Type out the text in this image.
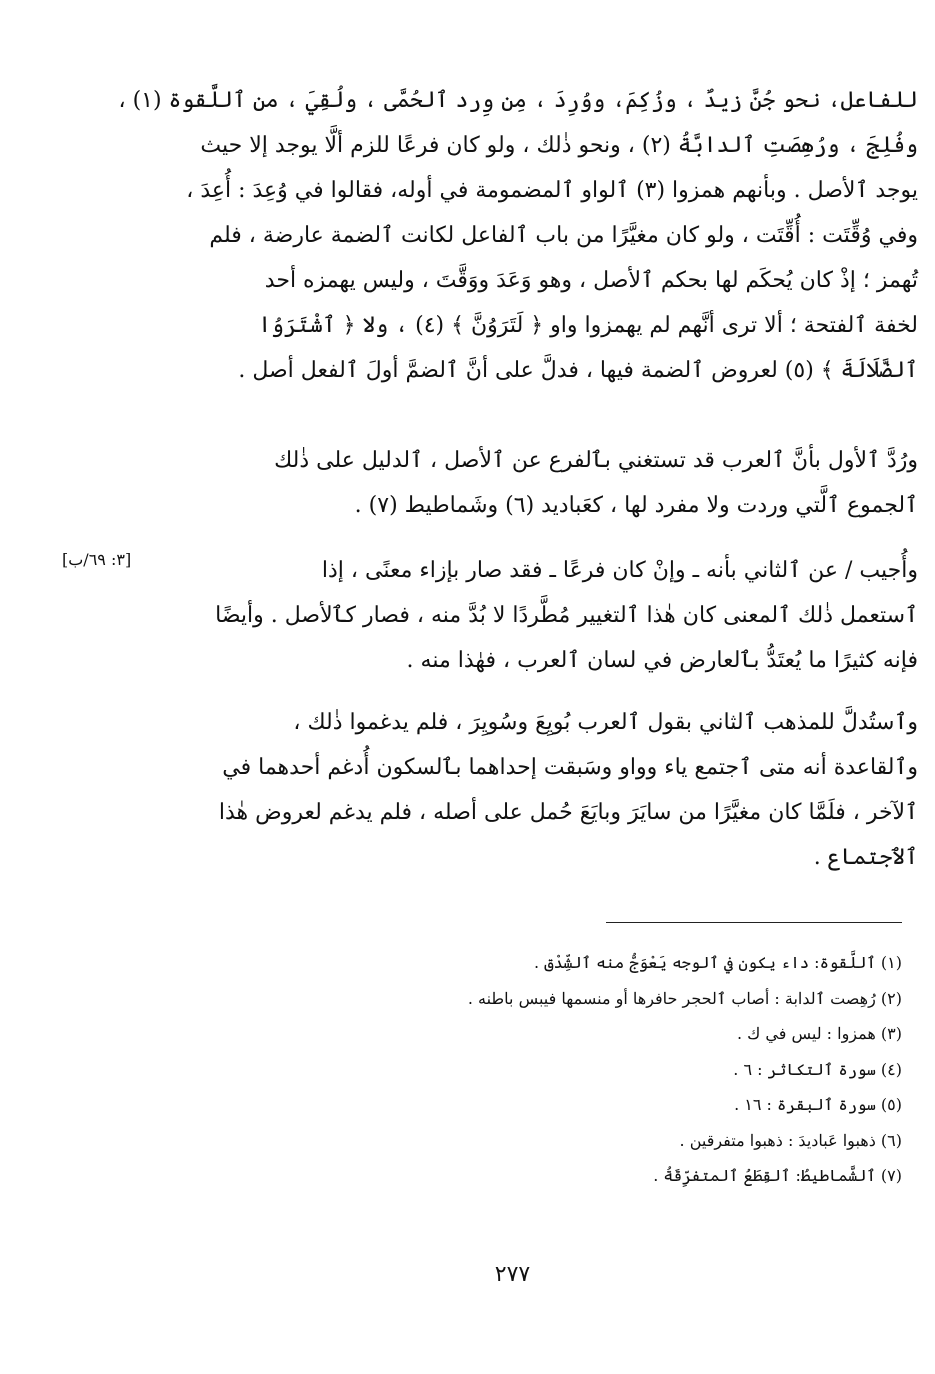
للفاعل، نحو جُنَّ زيدٌ ، وزُكِمَ، ووُرِدَ ، مِن وِرد ٱلحُمَّى ، ولُقِيَ ، من ٱللَّقوة (١) ،
وفُلِجَ ، ورُهِصَتِ ٱلدابَّةُ (٢) ، ونحو ذٰلك ، ولو كان فرعًا للزم ألَّا يوجد إلا حيث
يوجد ٱلأصل . وبأنهم همزوا (٣) ٱلواو ٱلمضمومة في أوله، فقالوا في وُعِدَ : أُعِدَ ،
وفي وُقِّتَت : أُقِّتَت ، ولو كان مغيَّرًا من باب ٱلفاعل لكانت ٱلضمة عارضة ، فلم
تُهمز ؛ إذْ كان يُحكَم لها بحكم ٱلأصل ، وهو وَعَدَ ووَقَّتَ ، وليس يهمزه أحد
لخفة ٱلفتحة ؛ ألا ترى أنَّهم لم يهمزوا واو ﴿ لَتَرَوُنَّ ﴾ (٤) ، ولا ﴿ ٱشْتَرَوُا
ٱلضَّلَالَةَ ﴾ (٥) لعروض ٱلضمة فيها ، فدلَّ على أنَّ ٱلضمَّ أولَ ٱلفعل أصل .
ورُدَّ ٱلأول بأنَّ ٱلعرب قد تستغني بٱلفرع عن ٱلأصل ، ٱلدليل على ذٰلك
ٱلجموع ٱلَّتي وردت ولا مفرد لها ، كعَباديد (٦) وشَماطيط (٧) .
[٣: ٦٩/ب]	وأُجيب / عن ٱلثاني بأنه ـ وإنْ كان فرعًا ـ فقد صار بإزاء معنًى ، إذا
ٱستعمل ذٰلك ٱلمعنى كان هٰذا ٱلتغيير مُطَّردًا لا بُدَّ منه ، فصار كٱلأصل . وأيضًا
فإنه كثيرًا ما يُعتَدُّ بٱلعارض في لسان ٱلعرب ، فهٰذا منه .
وٱستُدلَّ للمذهب ٱلثاني بقول ٱلعرب بُويِعَ وسُويِرَ ، فلم يدغموا ذٰلك ،
وٱلقاعدة أنه متى ٱجتمع ياء وواو وسَبقت إحداهما بٱلسكون أُدغم أحدهما في
ٱلآخر ، فلَمَّا كان مغيَّرًا من سايَرَ وبايَعَ حُمل على أصله ، فلم يدغم لعروض هٰذا
ٱلٱجتماع .
(١) ٱللَّقوة: داء يكون في ٱلوجه يَعْوَجُّ منه ٱلشِّدْق .
(٢) رُهِصت ٱلدابة : أصاب ٱلحجر حافرها أو منسمها فيبس باطنه .
(٣) همزوا : ليس في ك .
(٤) سورة ٱلتكاثر : ٦ .
(٥) سورة ٱلبقرة : ١٦ .
(٦) ذهبوا عَباديدَ : ذهبوا متفرقين .
(٧) ٱلشَّماطيطُ: ٱلقِطَعُ ٱلمتفرِّقَةُ .
٢٧٧
